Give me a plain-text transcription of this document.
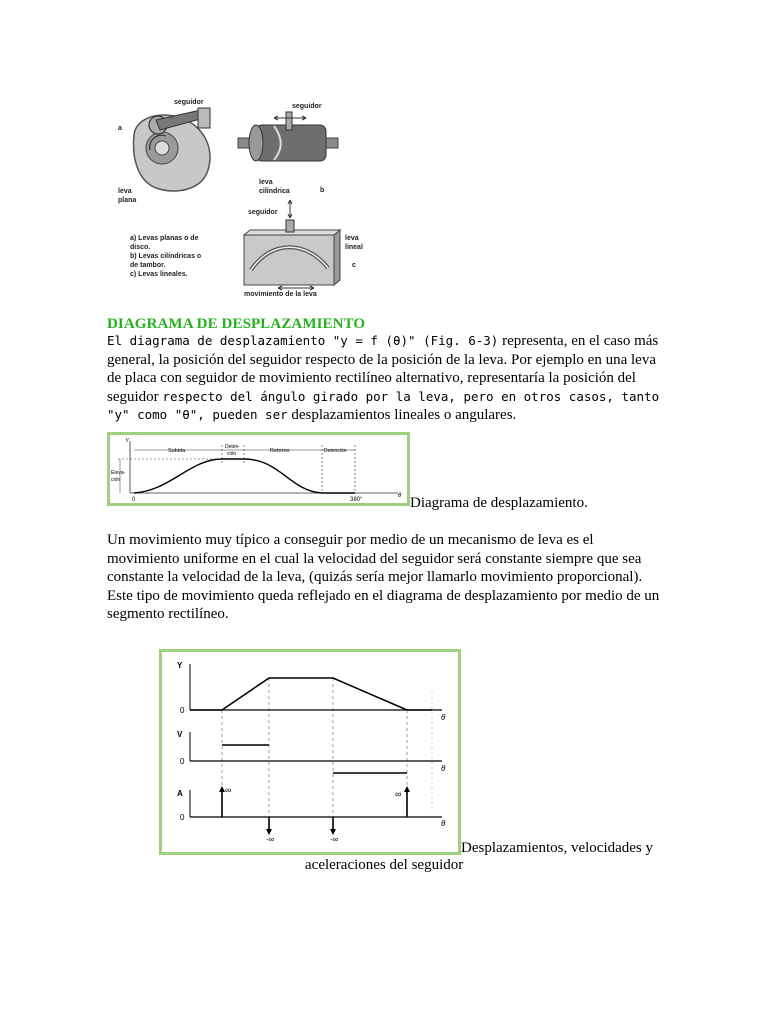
seguidor
a
leva
plana
seguidor
leva
cilíndrica	b
seguidor
leva
lineal
c
movimiento de la leva
a) Levas planas o de
disco.
b) Levas cilíndricas o
de tambor.
c) Levas lineales.
DIAGRAMA DE DESPLAZAMIENTO
El diagrama de desplazamiento "y = f (θ)" (Fig. 6-3) representa, en el caso más general, la posición del seguidor respecto de la posición de la leva. Por ejemplo en una leva de placa con seguidor de movimiento rectilíneo alternativo, representaría la posición del seguidor respecto del ángulo girado por la leva, pero en otros casos, tanto "y" como "θ", pueden ser desplazamientos lineales o angulares.
Subida
Deten-
ción	Retorno	Detención
y
Eleva-
ción
0	380°
θ Diagrama de desplazamiento.
Un movimiento muy típico a conseguir por medio de un mecanismo de leva es el movimiento uniforme en el cual la velocidad del seguidor será constante siempre que sea constante la velocidad de la leva, (quizás sería mejor llamarlo movimiento proporcional). Este tipo de movimiento queda reflejado en el diagrama de desplazamiento por medio de un segmento rectilíneo.
Y
0
θ
V
0
θ
A
0
θ
∞	∞
-∞	-∞
Desplazamientos, velocidades y
aceleraciones del seguidor
